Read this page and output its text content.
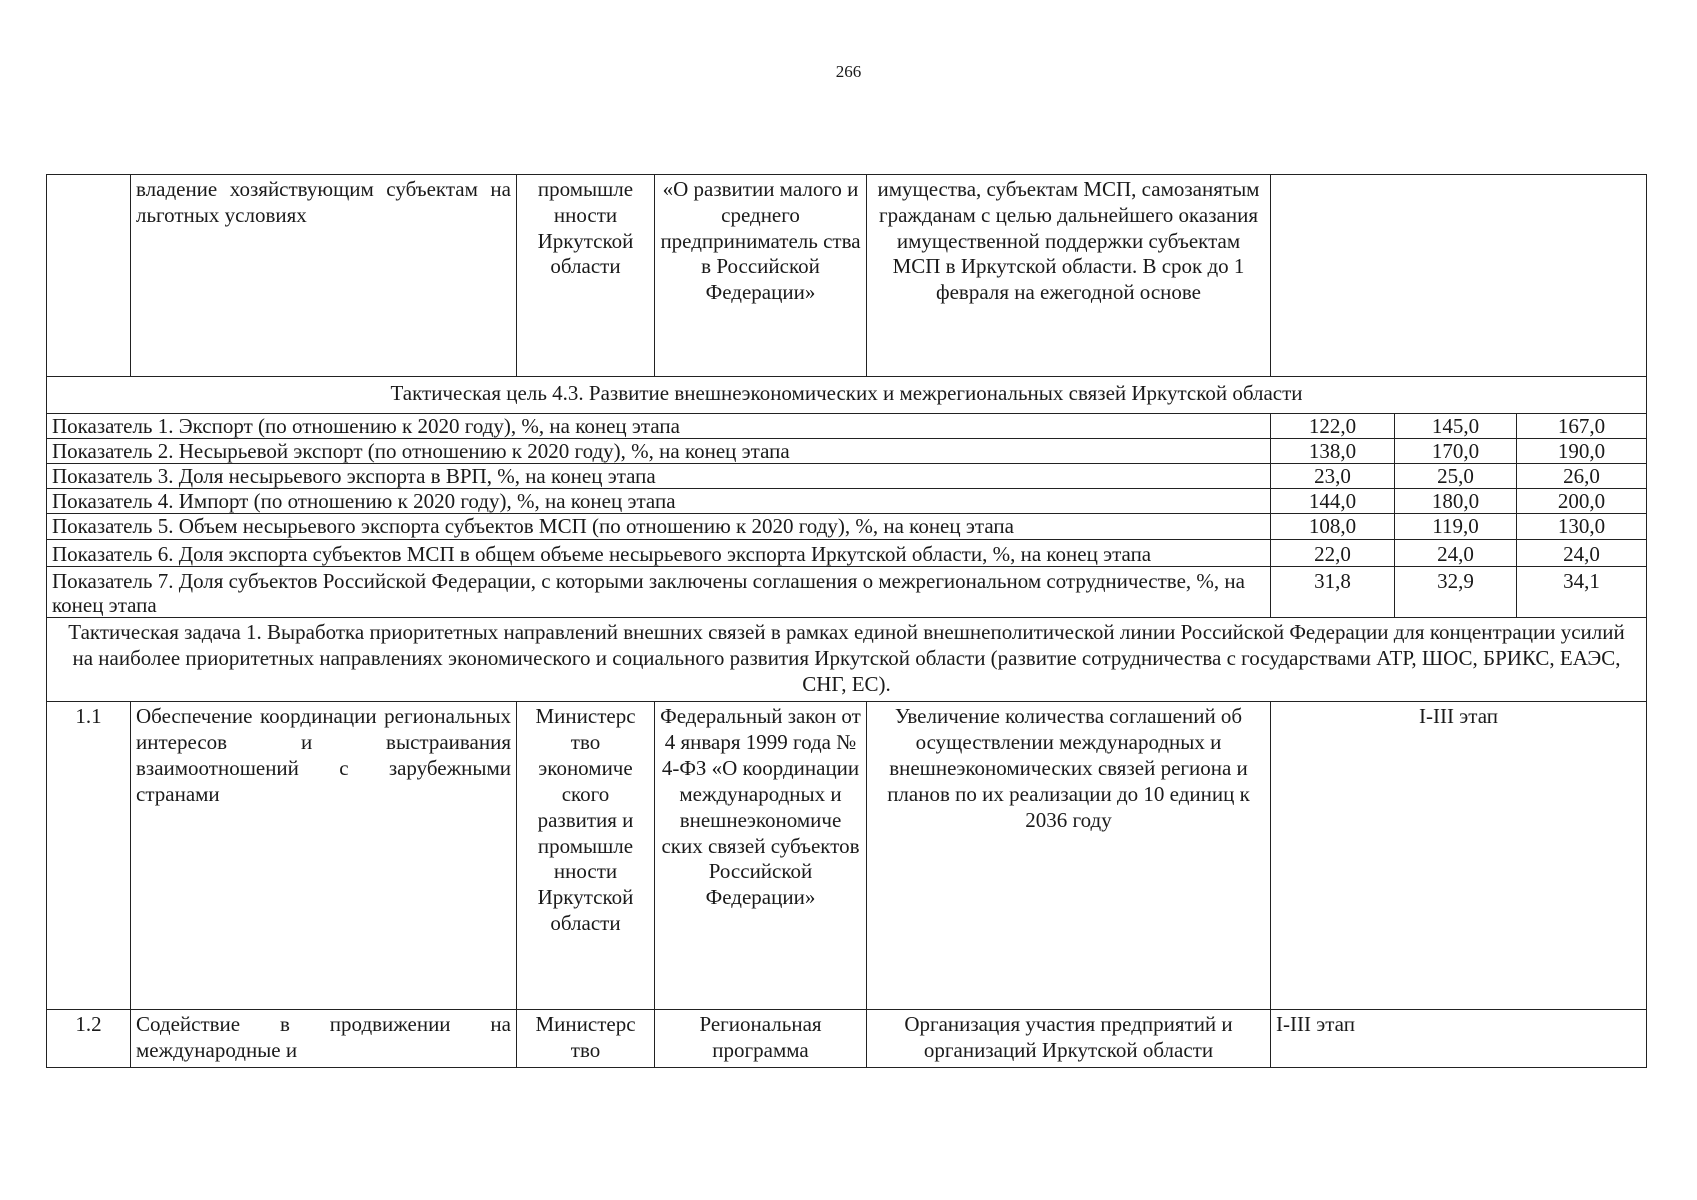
266
	владение хозяйствующим субъектам на льготных условиях	промышле нности Иркутской области	«О развитии малого и среднего предприниматель ства в Российской Федерации»	имущества, субъектам МСП, самозанятым гражданам с целью дальнейшего оказания имущественной поддержки субъектам МСП в Иркутской области. В срок до 1 февраля на ежегодной основе			
Тактическая цель 4.3. Развитие внешнеэкономических и межрегиональных связей Иркутской области							
Показатель 1. Экспорт (по отношению к 2020 году), %, на конец этапа					122,0	145,0	167,0
Показатель 2. Несырьевой экспорт (по отношению к 2020 году), %, на конец этапа					138,0	170,0	190,0
Показатель 3. Доля несырьевого экспорта в ВРП, %, на конец этапа					23,0	25,0	26,0
Показатель 4. Импорт (по отношению к 2020 году), %, на конец этапа					144,0	180,0	200,0
Показатель 5. Объем несырьевого экспорта субъектов МСП (по отношению к 2020 году), %, на конец этапа					108,0	119,0	130,0
Показатель 6. Доля экспорта субъектов МСП в общем объеме несырьевого экспорта Иркутской области, %, на конец этапа					22,0	24,0	24,0
Показатель 7. Доля субъектов Российской Федерации, с которыми заключены соглашения о межрегиональном сотрудничестве, %, на конец этапа					31,8	32,9	34,1
Тактическая задача 1. Выработка приоритетных направлений внешних связей в рамках единой внешнеполитической линии Российской Федерации для концентрации усилий на наиболее приоритетных направлениях экономического и социального развития Иркутской области (развитие сотрудничества с государствами АТР, ШОС, БРИКС, ЕАЭС, СНГ, ЕС).							
1.1	Обеспечение координации региональных интересов и выстраивания взаимоотношений с зарубежными странами	Министерс тво экономиче ского развития и промышле нности Иркутской области	Федеральный закон от 4 января 1999 года № 4-ФЗ «О координации международных и внешнеэкономиче ских связей субъектов Российской Федерации»	Увеличение количества соглашений об осуществлении международных и внешнеэкономических связей региона и планов по их реализации до 10 единиц к 2036 году	I-III этап		
1.2	Содействие в продвижении на международные и	Министерс тво	Региональная программа	Организация участия предприятий и организаций Иркутской области	I-III этап		
